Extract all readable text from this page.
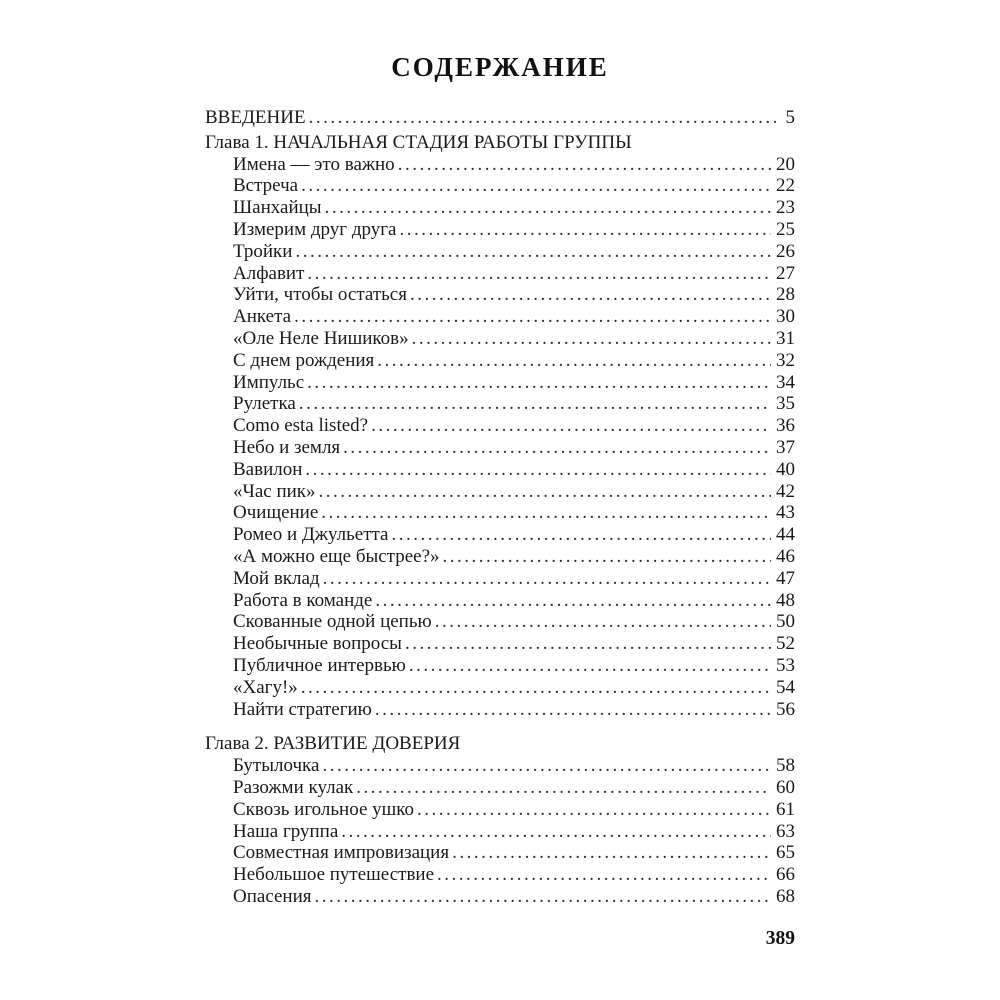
СОДЕРЖАНИЕ
ВВЕДЕНИЕ .....	5
Глава 1. НАЧАЛЬНАЯ СТАДИЯ РАБОТЫ ГРУППЫ
Имена — это важно .....	20
Встреча .....	22
Шанхайцы .....	23
Измерим друг друга .....	25
Тройки .....	26
Алфавит .....	27
Уйти, чтобы остаться .....	28
Анкета .....	30
«Оле Неле Нишиков» .....	31
С днем рождения .....	32
Импульс .....	34
Рулетка .....	35
Como esta listed? .....	36
Небо и земля .....	37
Вавилон .....	40
«Час пик» .....	42
Очищение .....	43
Ромео и Джульетта .....	44
«А можно еще быстрее?» .....	46
Мой вклад .....	47
Работа в команде .....	48
Скованные одной цепью .....	50
Необычные вопросы .....	52
Публичное интервью .....	53
«Хагу!» .....	54
Найти стратегию .....	56
Глава 2. РАЗВИТИЕ ДОВЕРИЯ
Бутылочка .....	58
Разожми кулак .....	60
Сквозь игольное ушко .....	61
Наша группа .....	63
Совместная импровизация .....	65
Небольшое путешествие .....	66
Опасения .....	68
389
